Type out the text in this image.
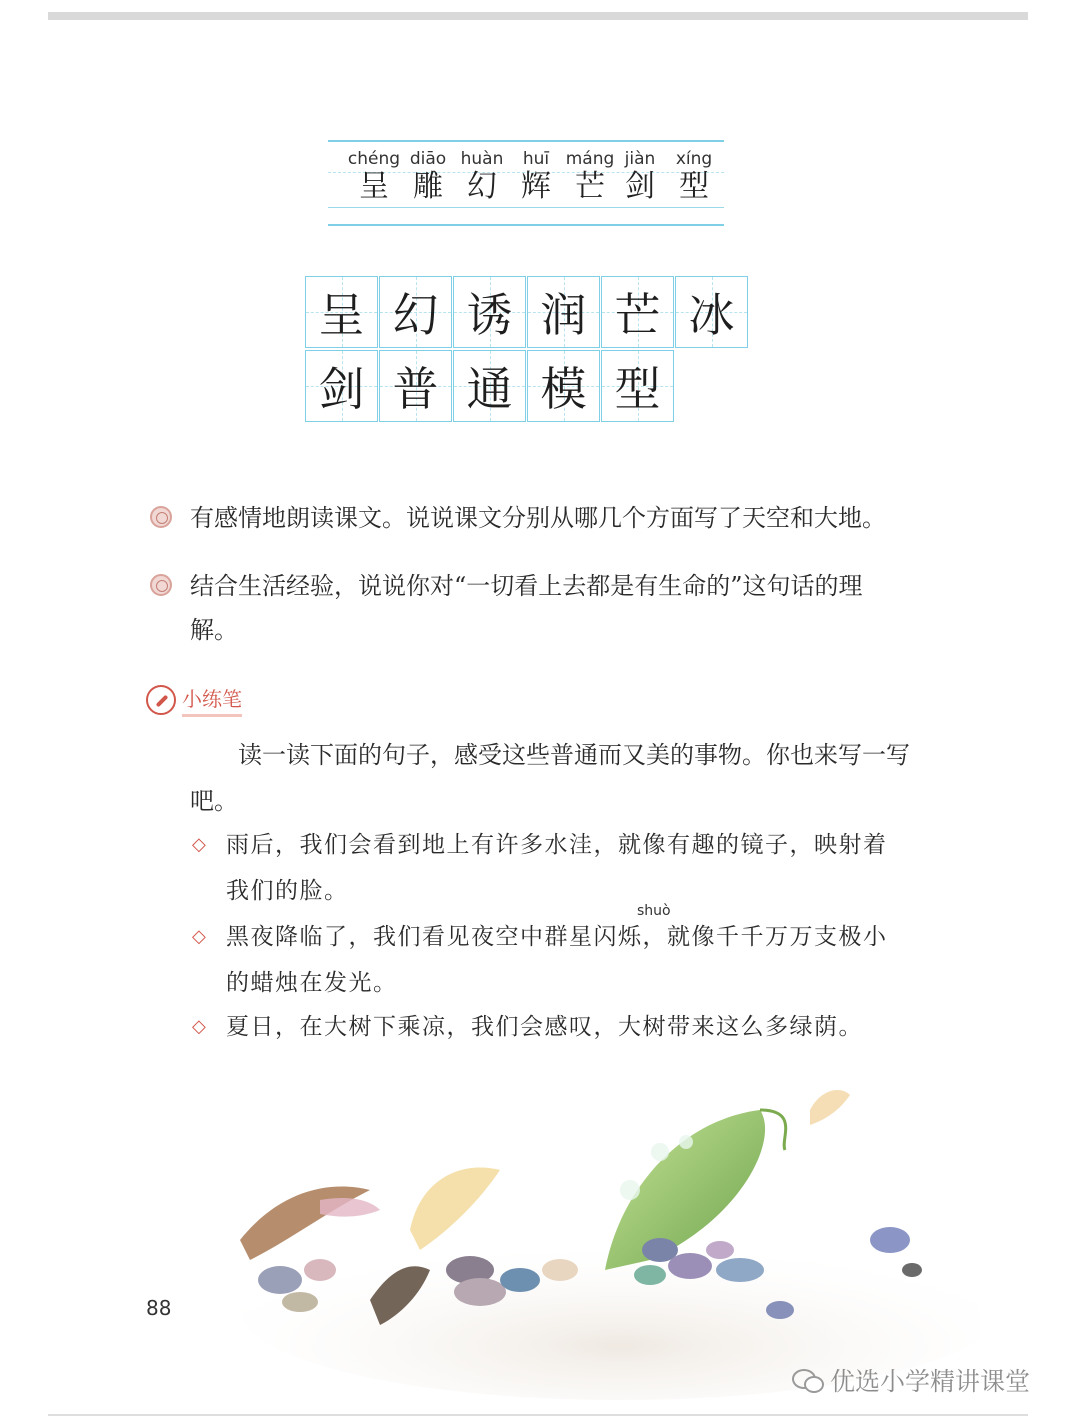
chéng
呈
diāo
雕
huàn
幻
huī
辉
máng
芒
jiàn
剑
xíng
型
呈 幻 诱 润 芒 冰
剑 普 通 模 型
有感情地朗读课文。说说课文分别从哪几个方面写了天空和大地。
结合生活经验，说说你对“一切看上去都是有生命的”这句话的理解。
小练笔
读一读下面的句子，感受这些普通而又美的事物。你也来写一写吧。
◇ 雨后，我们会看到地上有许多水洼，就像有趣的镜子，映射着我们的脸。
shuò
◇ 黑夜降临了，我们看见夜空中群星闪烁，就像千千万万支极小的蜡烛在发光。
◇ 夏日，在大树下乘凉，我们会感叹，大树带来这么多绿荫。
88
优选小学精讲课堂
